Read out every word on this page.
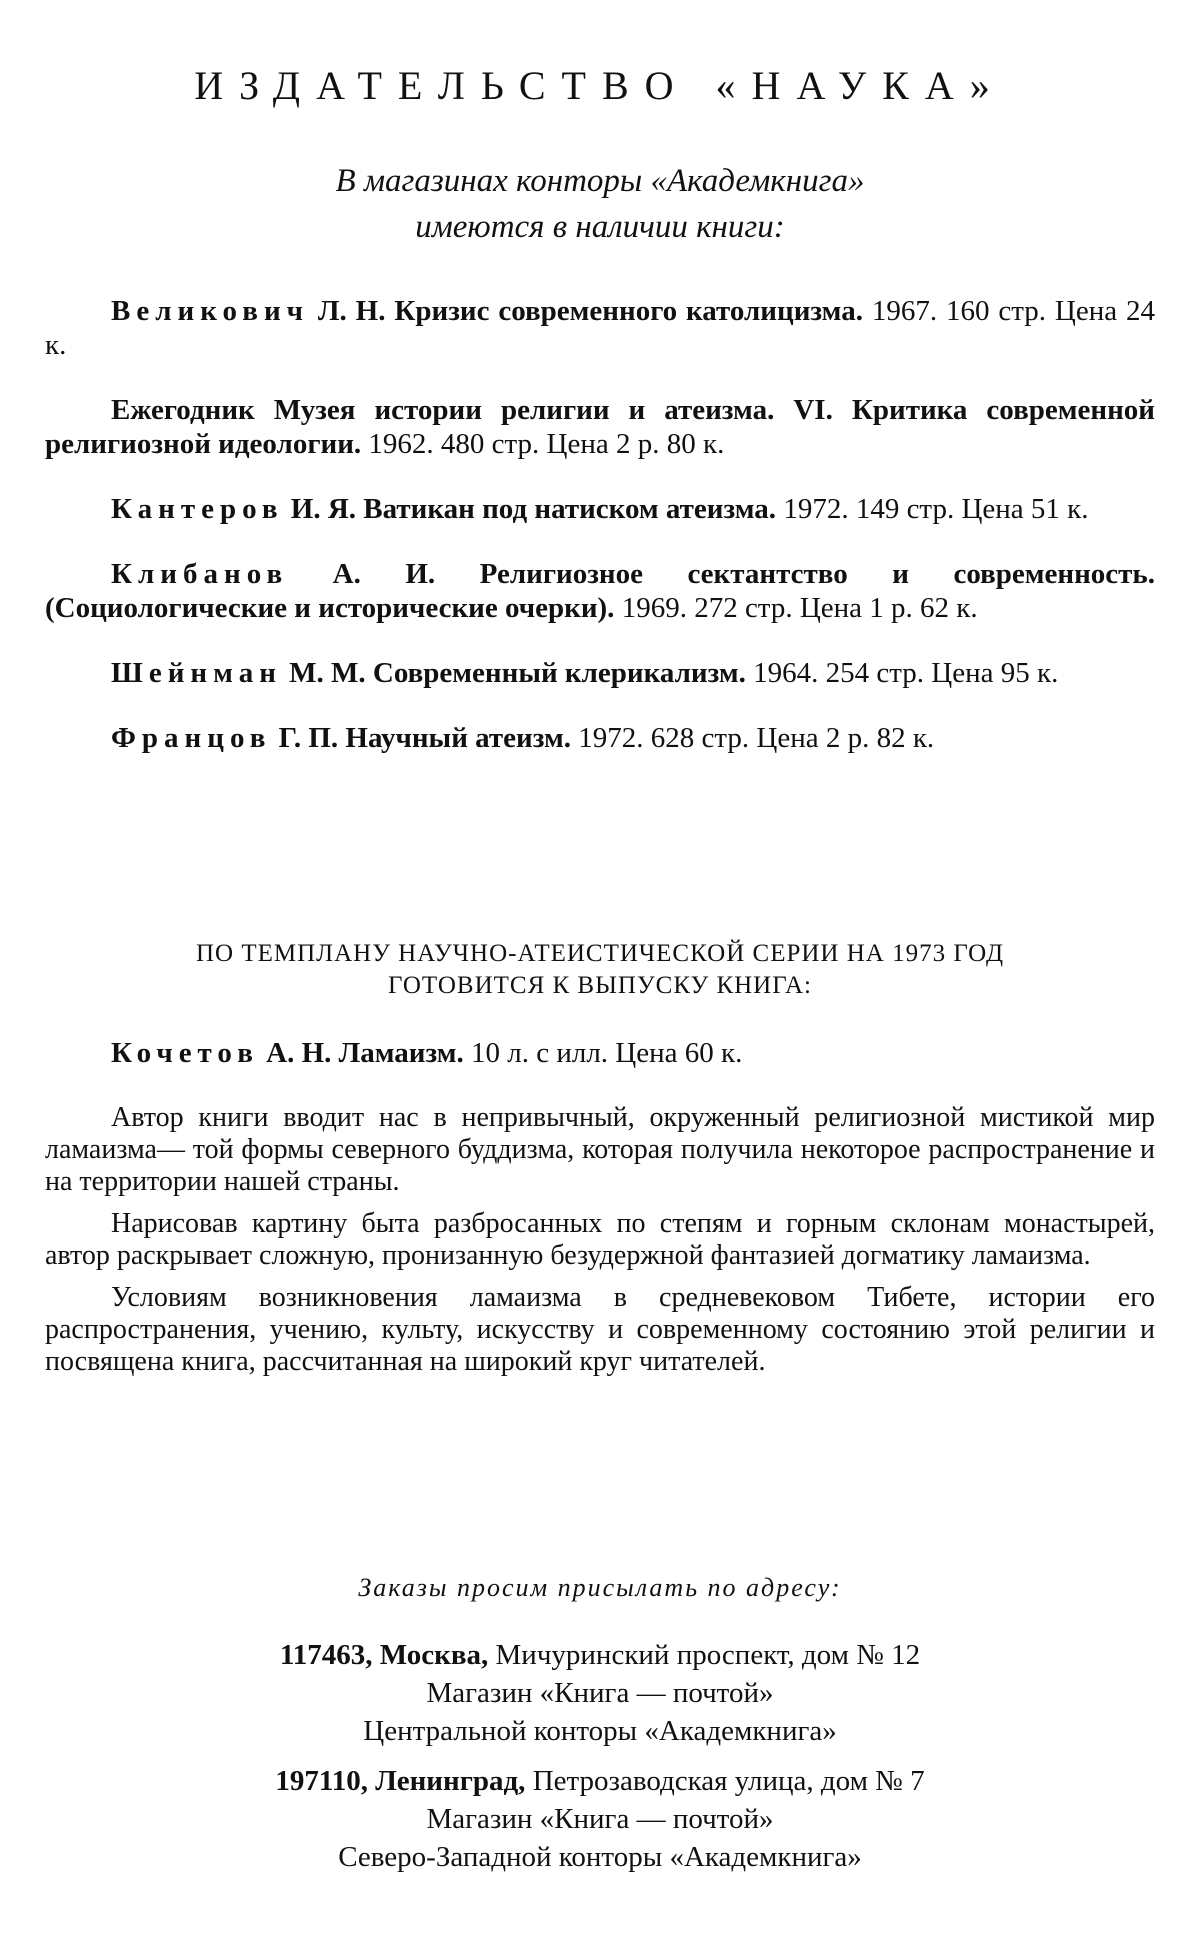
ИЗДАТЕЛЬСТВО «НАУКА»
В магазинах конторы «Академкнига»
имеются в наличии книги:

Великович Л. Н. Кризис современного католицизма. 1967. 160 стр. Цена 24 к.

Ежегодник Музея истории религии и атеизма. VI. Критика современной религиозной идеологии. 1962. 480 стр. Цена 2 р. 80 к.

Кантеров И. Я. Ватикан под натиском атеизма. 1972. 149 стр. Цена 51 к.

Клибанов А. И. Религиозное сектантство и современность. (Социологические и исторические очерки). 1969. 272 стр. Цена 1 р. 62 к.

Шейнман М. М. Современный клерикализм. 1964. 254 стр. Цена 95 к.

Францов Г. П. Научный атеизм. 1972. 628 стр. Цена 2 р. 82 к.

ПО ТЕМПЛАНУ НАУЧНО-АТЕИСТИЧЕСКОЙ СЕРИИ НА 1973 ГОД
ГОТОВИТСЯ К ВЫПУСКУ КНИГА:

Кочетов А. Н. Ламаизм. 10 л. с илл. Цена 60 к.

Автор книги вводит нас в непривычный, окруженный религиозной мистикой мир ламаизма— той формы северного буддизма, которая получила некоторое распространение и на территории нашей страны.

Нарисовав картину быта разбросанных по степям и горным склонам монастырей, автор раскрывает сложную, пронизанную безудержной фантазией догматику ламаизма.

Условиям возникновения ламаизма в средневековом Тибете, истории его распространения, учению, культу, искусству и современному состоянию этой религии и посвящена книга, рассчитанная на широкий круг читателей.

Заказы просим присылать по адресу:

117463, Москва, Мичуринский проспект, дом № 12
Магазин «Книга — почтой»
Центральной конторы «Академкнига»
197110, Ленинград, Петрозаводская улица, дом № 7
Магазин «Книга — почтой»
Северо-Западной конторы «Академкнига»
